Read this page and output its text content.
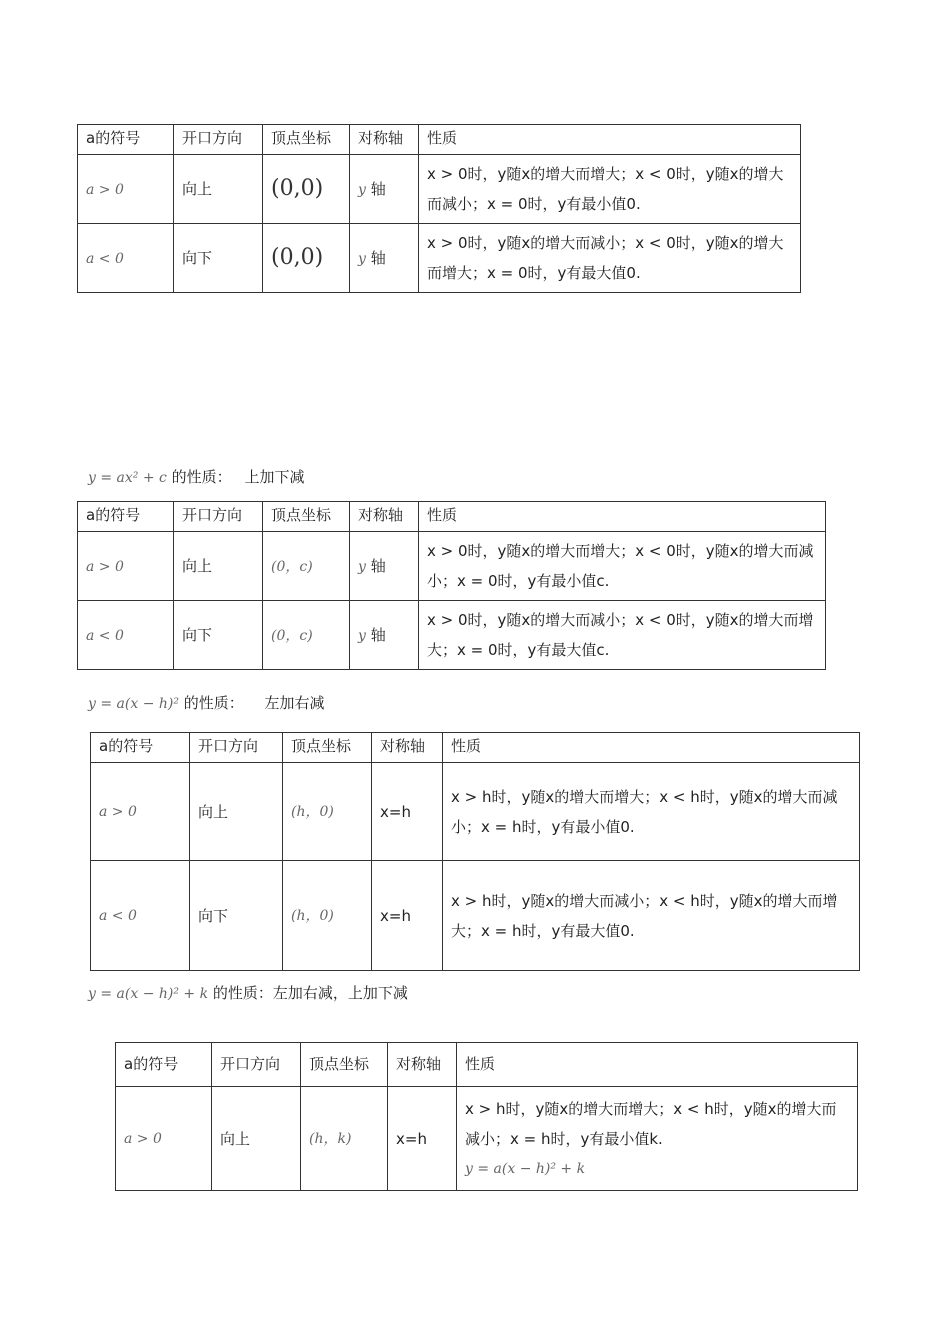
a的符号	开口方向	顶点坐标	对称轴	性质
a > 0	向上	(0,0)	y 轴	x > 0时，y随x的增大而增大；x < 0时，y随x的增大而减小；x = 0时，y有最小值0.
a < 0	向下	(0,0)	y 轴	x > 0时，y随x的增大而减小；x < 0时，y随x的增大而增大；x = 0时，y有最大值0.
y = ax² + c 的性质： 上加下减
a的符号	开口方向	顶点坐标	对称轴	性质
a > 0	向上	(0，c)	y 轴	x > 0时，y随x的增大而增大；x < 0时，y随x的增大而减小；x = 0时，y有最小值c.
a < 0	向下	(0，c)	y 轴	x > 0时，y随x的增大而减小；x < 0时，y随x的增大而增大；x = 0时，y有最大值c.
y = a(x − h)² 的性质： 左加右减
a的符号	开口方向	顶点坐标	对称轴	性质
a > 0	向上	(h，0)	x=h	x > h时，y随x的增大而增大；x < h时，y随x的增大而减小；x = h时，y有最小值0.
a < 0	向下	(h，0)	x=h	x > h时，y随x的增大而减小；x < h时，y随x的增大而增大；x = h时，y有最大值0.
y = a(x − h)² + k 的性质：左加右减，上加下减
a的符号	开口方向	顶点坐标	对称轴	性质
a > 0	向上	(h，k)	x=h	x > h时，y随x的增大而增大；x < h时，y随x的增大而减小；x = h时，y有最小值k.
y = a(x − h)² + k
